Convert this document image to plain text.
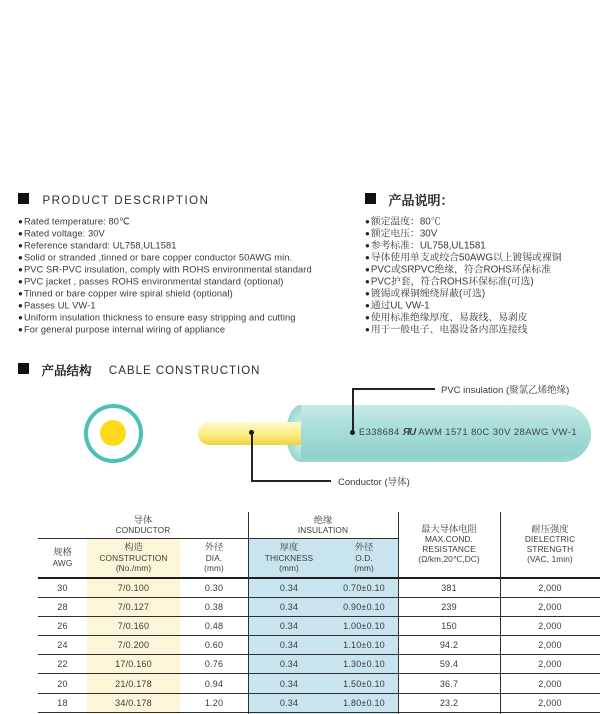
PRODUCT DESCRIPTION
●Rated temperature: 80℃
●Rated voltage: 30V
●Reference standard: UL758,UL1581
●Solid or stranded ,tinned or bare copper conductor 50AWG min.
●PVC SR-PVC insulation, comply with ROHS environmental standard
●PVC jacket , passes ROHS environmental standard (optional)
●Tinned or bare copper wire spiral shield (optional)
●Passes UL VW-1
●Uniform insulation thickness to ensure easy stripping and cutting
●For general purpose internal wiring of appliance
产品说明：
●额定温度：80℃
●额定电压：30V
●参考标准：UL758,UL1581
●导体使用单支或绞合50AWG以上镀锡或裸铜
●PVC或SRPVC绝缘，符合ROHS环保标准
●PVC护套，符合ROHS环保标准(可选)
●镀锡或裸铜缠绕屏蔽(可选)
●通过UL VW-1
●使用标准绝缘厚度、易裁线、易剥皮
●用于一般电子、电器设备内部连接线
产品结构 CABLE CONSTRUCTION
E338684 ЯU AWM 1571 80C 30V 28AWG VW-1
PVC insulation (聚氯乙烯绝缘)
Conductor (导体)
导体
CONDUCTOR
绝缘
INSULATION
规格
AWG
构造
CONSTRUCTION
(No./mm)
外径
DIA.
(mm)
厚度
THICKNESS
(mm)
外径
O.D.
(mm)
最大导体电阻
MAX.COND.
RESISTANCE
(Ω/km,20℃,DC)
耐压强度
DIELECTRIC
STRENGTH
(VAC, 1min)
30	7/0.100	0.30	0.34	0.70±0.10	381	2,000
28	7/0.127	0.38	0.34	0.90±0.10	239	2,000
26	7/0.160	0.48	0.34	1.00±0.10	150	2,000
24	7/0.200	0.60	0.34	1.10±0.10	94.2	2,000
22	17/0.160	0.76	0.34	1.30±0.10	59.4	2,000
20	21/0.178	0.94	0.34	1.50±0.10	36.7	2,000
18	34/0.178	1.20	0.34	1.80±0.10	23.2	2,000
